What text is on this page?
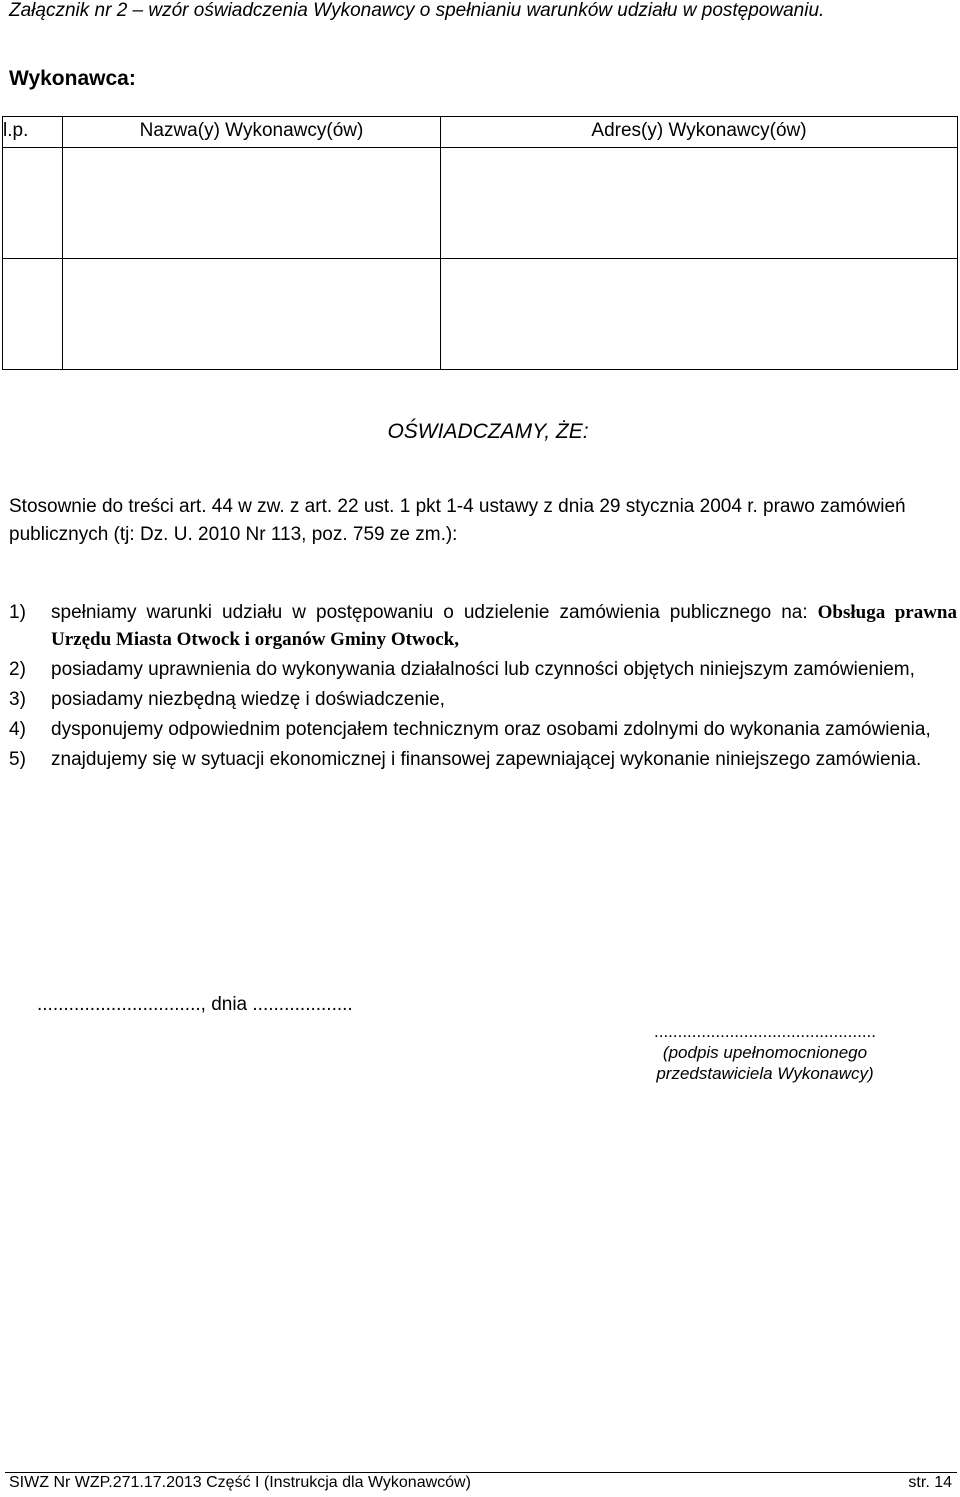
Załącznik nr 2 – wzór oświadczenia Wykonawcy o spełnianiu warunków udziału w postępowaniu.
Wykonawca:
l.p.	Nazwa(y) Wykonawcy(ów)	Adres(y) Wykonawcy(ów)

OŚWIADCZAMY, ŻE:
Stosownie do treści art. 44 w zw. z art. 22 ust. 1 pkt 1-4 ustawy z dnia 29 stycznia 2004 r. prawo zamówień publicznych (tj: Dz. U. 2010 Nr 113, poz. 759 ze zm.):
1) spełniamy warunki udziału w postępowaniu o udzielenie zamówienia publicznego na: Obsługa prawna Urzędu Miasta Otwock i organów Gminy Otwock,
2) posiadamy uprawnienia do wykonywania działalności lub czynności objętych niniejszym zamówieniem,
3) posiadamy niezbędną wiedzę i doświadczenie,
4) dysponujemy odpowiednim potencjałem technicznym oraz osobami zdolnymi do wykonania zamówienia,
5) znajdujemy się w sytuacji ekonomicznej i finansowej zapewniającej wykonanie niniejszego zamówienia.
..............................., dnia ...................
...............................................
(podpis upełnomocnionego
przedstawiciela Wykonawcy)
SIWZ Nr WZP.271.17.2013 Część I (Instrukcja dla Wykonawców)	str. 14
